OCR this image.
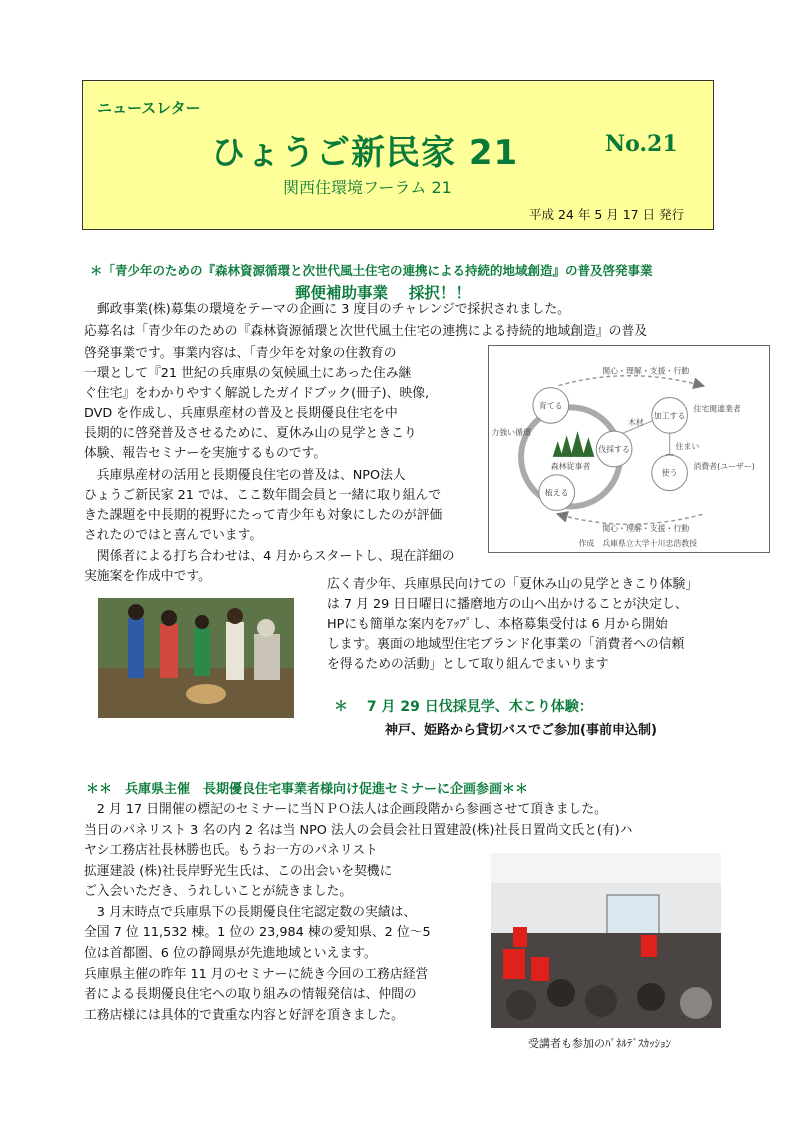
ニュースレター
ひょうご新民家 21	No.21
関西住環境フーラム 21
平成 24 年 5 月 17 日 発行
＊「青少年のための『森林資源循環と次世代風土住宅の連携による持続的地域創造』の普及啓発事業
郵便補助事業　 採択！！
　郵政事業(株)募集の環境をテーマの企画に 3 度目のチャレンジで採択されました。
応募名は「青少年のための『森林資源循環と次世代風土住宅の連携による持続的地域創造』の普及
啓発事業です。事業内容は、「青少年を対象の住教育の
一環として『21 世紀の兵庫県の気候風土にあった住み継
ぐ住宅』をわかりやすく解説したガイドブック(冊子)、映像,
DVD を作成し、兵庫県産材の普及と長期優良住宅を中
長期的に啓発普及させるために、夏休み山の見学ときこり
体験、報告セミナーを実施するものです。
　兵庫県産材の活用と長期優良住宅の普及は、NPO法人
ひょうご新民家 21 では、ここ数年間会員と一緒に取り組んで
きた課題を中長期的視野にたって青少年も対象にしたのが評価
されたのではと喜んでいます。
　関係者による打ち合わせは、4 月からスタートし、現在詳細の
実施案を作成中です。
関心・理解・支援・行動
関心・理解・支援・行動
育てる
伐採する
加工する
使う
植える
森林従事者
力強い循環
住宅関連業者
消費者(ユーザー)
木材
住まい
作成　兵庫県立大学十川忠浩教授
広く青少年、兵庫県民向けての「夏休み山の見学ときこり体験」
は 7 月 29 日日曜日に播磨地方の山へ出かけることが決定し、
HPにも簡単な案内をｱｯﾌﾟし、本格募集受付は 6 月から開始
します。裏面の地域型住宅ブランド化事業の「消費者への信頼
を得るための活動」として取り組んでまいります
＊　 7 月 29 日伐採見学、木こり体験：
神戸、姫路から貸切バスでご参加(事前申込制)
＊＊　兵庫県主催　長期優良住宅事業者様向け促進セミナーに企画参画＊＊
　2 月 17 日開催の標記のセミナーに当ＮＰＯ法人は企画段階から参画させて頂きました。
当日のパネリスト 3 名の内 2 名は当 NPO 法人の会員会社日置建設(株)社長日置尚文氏と(有)ハ
ヤシ工務店社長林勝也氏。もうお一方のパネリスト
拡運建設 (株)社長岸野光生氏は、この出会いを契機に
ご入会いただき、うれしいことが続きました。
　3 月末時点で兵庫県下の長期優良住宅認定数の実績は、
全国 7 位 11,532 棟。1 位の 23,984 棟の愛知県、2 位～5
位は首都圏、6 位の静岡県が先進地域といえます。
兵庫県主催の昨年 11 月のセミナーに続き今回の工務店経営
者による長期優良住宅への取り組みの情報発信は、仲間の
工務店様には具体的で貴重な内容と好評を頂きました。
受講者も参加のﾊﾟﾈﾙﾃﾞｽｶｯｼｮﾝ
